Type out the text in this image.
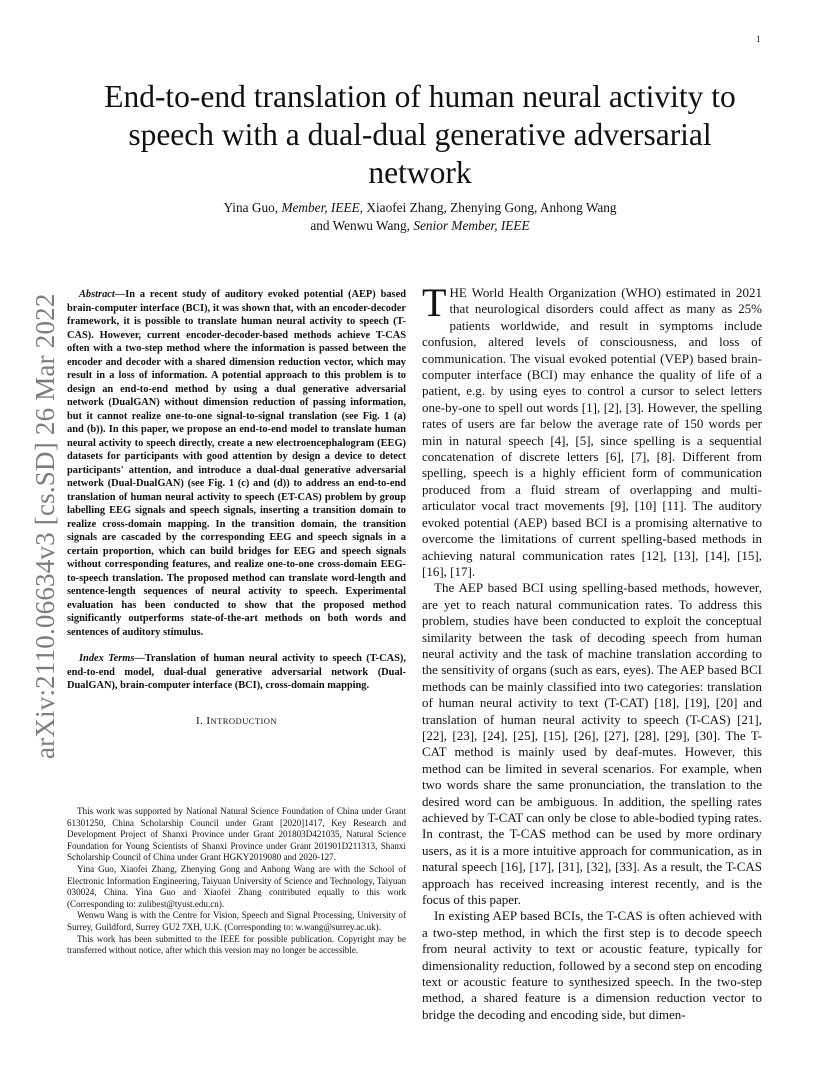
1
arXiv:2110.06634v3 [cs.SD] 26 Mar 2022
End-to-end translation of human neural activity to speech with a dual-dual generative adversarial network
Yina Guo, Member, IEEE, Xiaofei Zhang, Zhenying Gong, Anhong Wang
and Wenwu Wang, Senior Member, IEEE

Abstract—In a recent study of auditory evoked potential (AEP) based brain-computer interface (BCI), it was shown that, with an encoder-decoder framework, it is possible to translate human neural activity to speech (T-CAS). However, current encoder-decoder-based methods achieve T-CAS often with a two-step method where the information is passed between the encoder and decoder with a shared dimension reduction vector, which may result in a loss of information. A potential approach to this problem is to design an end-to-end method by using a dual generative adversarial network (DualGAN) without dimension reduction of passing information, but it cannot realize one-to-one signal-to-signal translation (see Fig. 1 (a) and (b)). In this paper, we propose an end-to-end model to translate human neural activity to speech directly, create a new electroencephalogram (EEG) datasets for participants with good attention by design a device to detect participants' attention, and introduce a dual-dual generative adversarial network (Dual-DualGAN) (see Fig. 1 (c) and (d)) to address an end-to-end translation of human neural activity to speech (ET-CAS) problem by group labelling EEG signals and speech signals, inserting a transition domain to realize cross-domain mapping. In the transition domain, the transition signals are cascaded by the corresponding EEG and speech signals in a certain proportion, which can build bridges for EEG and speech signals without corresponding features, and realize one-to-one cross-domain EEG-to-speech translation. The proposed method can translate word-length and sentence-length sequences of neural activity to speech. Experimental evaluation has been conducted to show that the proposed method significantly outperforms state-of-the-art methods on both words and sentences of auditory stimulus.

Index Terms—Translation of human neural activity to speech (T-CAS), end-to-end model, dual-dual generative adversarial network (Dual-DualGAN), brain-computer interface (BCI), cross-domain mapping.

I. INTRODUCTION

This work was supported by National Natural Science Foundation of China under Grant 61301250, China Scholarship Council under Grant [2020]1417, Key Research and Development Project of Shanxi Province under Grant 201803D421035, Natural Science Foundation for Young Scientists of Shanxi Province under Grant 201901D211313, Shanxi Scholarship Council of China under Grant HGKY2019080 and 2020-127.

Yina Guo, Xiaofei Zhang, Zhenying Gong and Anhong Wang are with the School of Electronic Information Engineering, Taiyuan University of Science and Technology, Taiyuan 030024, China. Yina Guo and Xiaofei Zhang contributed equally to this work (Corresponding to: zulibest@tyust.edu.cn).

Wenwu Wang is with the Centre for Vision, Speech and Signal Processing, University of Surrey, Guildford, Surrey GU2 7XH, U.K. (Corresponding to: w.wang@surrey.ac.uk).

This work has been submitted to the IEEE for possible publication. Copyright may be transferred without notice, after which this version may no longer be accessible.

THE World Health Organization (WHO) estimated in 2021 that neurological disorders could affect as many as 25% patients worldwide, and result in symptoms include confusion, altered levels of consciousness, and loss of communication. The visual evoked potential (VEP) based brain-computer interface (BCI) may enhance the quality of life of a patient, e.g. by using eyes to control a cursor to select letters one-by-one to spell out words [1], [2], [3]. However, the spelling rates of users are far below the average rate of 150 words per min in natural speech [4], [5], since spelling is a sequential concatenation of discrete letters [6], [7], [8]. Different from spelling, speech is a highly efficient form of communication produced from a fluid stream of overlapping and multi-articulator vocal tract movements [9], [10] [11]. The auditory evoked potential (AEP) based BCI is a promising alternative to overcome the limitations of current spelling-based methods in achieving natural communication rates [12], [13], [14], [15], [16], [17].

The AEP based BCI using spelling-based methods, however, are yet to reach natural communication rates. To address this problem, studies have been conducted to exploit the conceptual similarity between the task of decoding speech from human neural activity and the task of machine translation according to the sensitivity of organs (such as ears, eyes). The AEP based BCI methods can be mainly classified into two categories: translation of human neural activity to text (T-CAT) [18], [19], [20] and translation of human neural activity to speech (T-CAS) [21], [22], [23], [24], [25], [15], [26], [27], [28], [29], [30]. The T-CAT method is mainly used by deaf-mutes. However, this method can be limited in several scenarios. For example, when two words share the same pronunciation, the translation to the desired word can be ambiguous. In addition, the spelling rates achieved by T-CAT can only be close to able-bodied typing rates. In contrast, the T-CAS method can be used by more ordinary users, as it is a more intuitive approach for communication, as in natural speech [16], [17], [31], [32], [33]. As a result, the T-CAS approach has received increasing interest recently, and is the focus of this paper.

In existing AEP based BCIs, the T-CAS is often achieved with a two-step method, in which the first step is to decode speech from neural activity to text or acoustic feature, typically for dimensionality reduction, followed by a second step on encoding text or acoustic feature to synthesized speech. In the two-step method, a shared feature is a dimension reduction vector to bridge the decoding and encoding side, but dimen-
